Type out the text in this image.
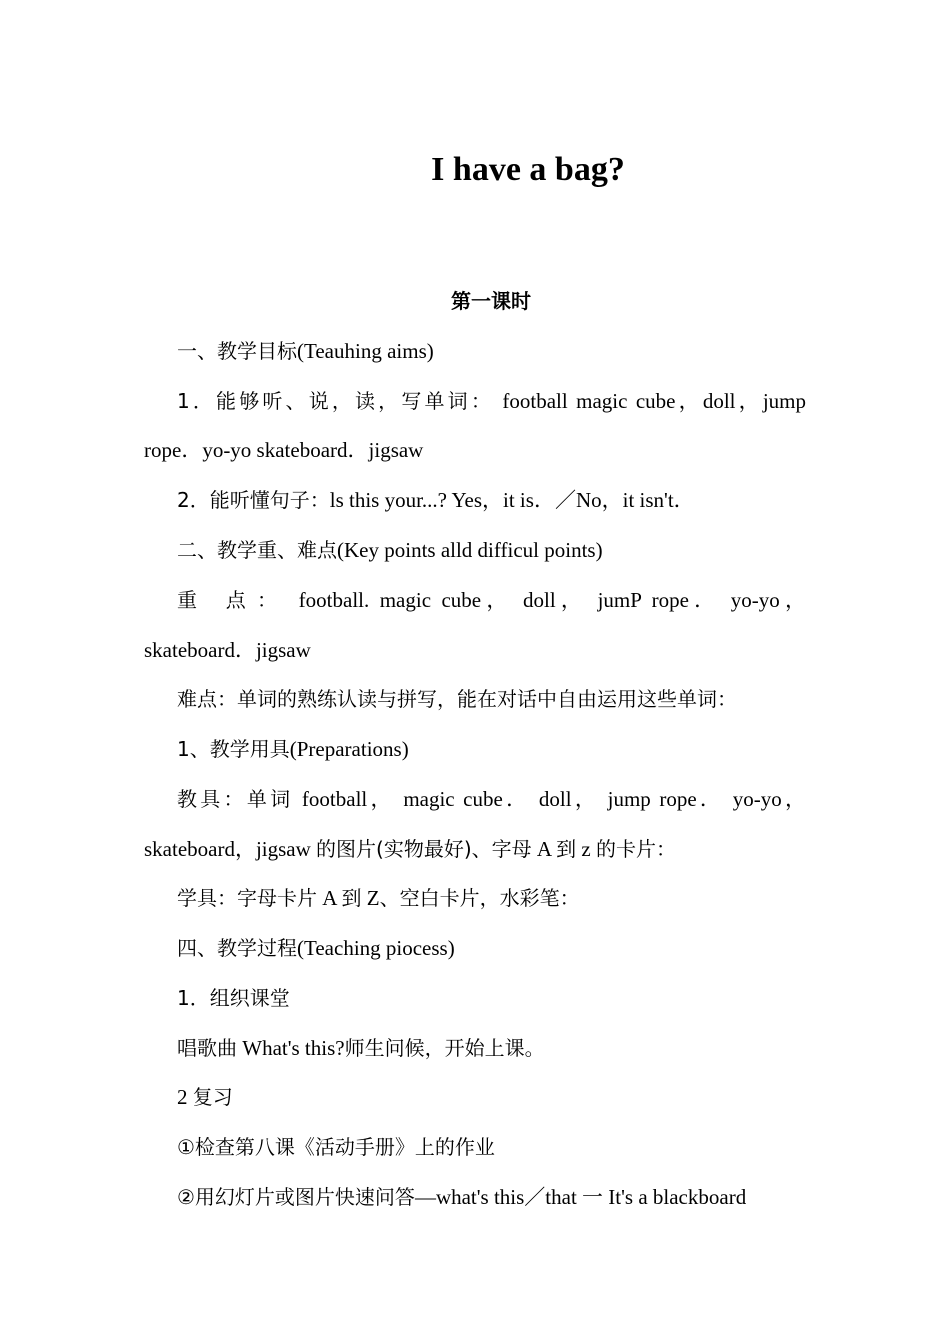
I have a bag?
第一课时
一、教学目标(Teauhing aims)
1．能够听、说，读，写单词： football magic cube，doll，jump
rope．yo-yo skateboard．jigsaw
2．能听懂句子：ls this your...? Yes，it is．／No，it isn't．
二、教学重、难点(Key points alld difficul points)
重 点： football. magic cube， doll， jumP rope． yo-yo，
skateboard．jigsaw
难点：单词的熟练认读与拼写，能在对话中自由运用这些单词：
1、教学用具(Preparations)
教具：单词 football， magic cube． doll， jump rope． yo-yo，
skateboard，jigsaw 的图片(实物最好)、字母 A 到 z 的卡片：
学具：字母卡片 A 到 Z、空白卡片，水彩笔：
四、教学过程(Teaching piocess)
1．组织课堂
唱歌曲 What's this?师生问候，开始上课。
2 复习
①检查第八课《活动手册》上的作业
②用幻灯片或图片快速问答—what's this／that 一 It's a blackboard
